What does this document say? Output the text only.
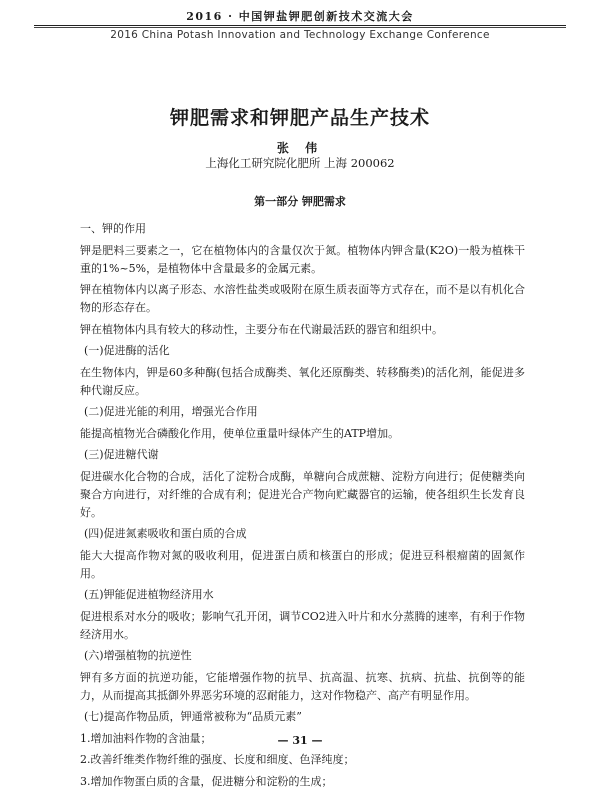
2016 · 中国钾盐钾肥创新技术交流大会
2016 China Potash Innovation and Technology Exchange Conference
钾肥需求和钾肥产品生产技术
张 伟
上海化工研究院化肥所 上海 200062
第一部分 钾肥需求

一、钾的作用

钾是肥料三要素之一，它在植物体内的含量仅次于氮。植物体内钾含量(K2O)一般为植株干重的1%~5%，是植物体中含量最多的金属元素。

钾在植物体内以离子形态、水溶性盐类或吸附在原生质表面等方式存在，而不是以有机化合物的形态存在。

钾在植物体内具有较大的移动性，主要分布在代谢最活跃的器官和组织中。

(一)促进酶的活化

在生物体内，钾是60多种酶(包括合成酶类、氧化还原酶类、转移酶类)的活化剂，能促进多种代谢反应。

(二)促进光能的利用，增强光合作用

能提高植物光合磷酸化作用，使单位重量叶绿体产生的ATP增加。

(三)促进糖代谢

促进碳水化合物的合成，活化了淀粉合成酶，单糖向合成蔗糖、淀粉方向进行；促使糖类向聚合方向进行，对纤维的合成有利；促进光合产物向贮藏器官的运输，使各组织生长发育良好。

(四)促进氮素吸收和蛋白质的合成

能大大提高作物对氮的吸收利用，促进蛋白质和核蛋白的形成；促进豆科根瘤菌的固氮作用。

(五)钾能促进植物经济用水

促进根系对水分的吸收；影响气孔开闭，调节CO2进入叶片和水分蒸腾的速率，有利于作物经济用水。

(六)增强植物的抗逆性

钾有多方面的抗逆功能，它能增强作物的抗旱、抗高温、抗寒、抗病、抗盐、抗倒等的能力，从而提高其抵御外界恶劣环境的忍耐能力，这对作物稳产、高产有明显作用。

(七)提高作物品质，钾通常被称为“品质元素”

1.增加油料作物的含油量；

2.改善纤维类作物纤维的强度、长度和细度、色泽纯度；

3.增加作物蛋白质的含量，促进糖分和淀粉的生成；

— 31 —
